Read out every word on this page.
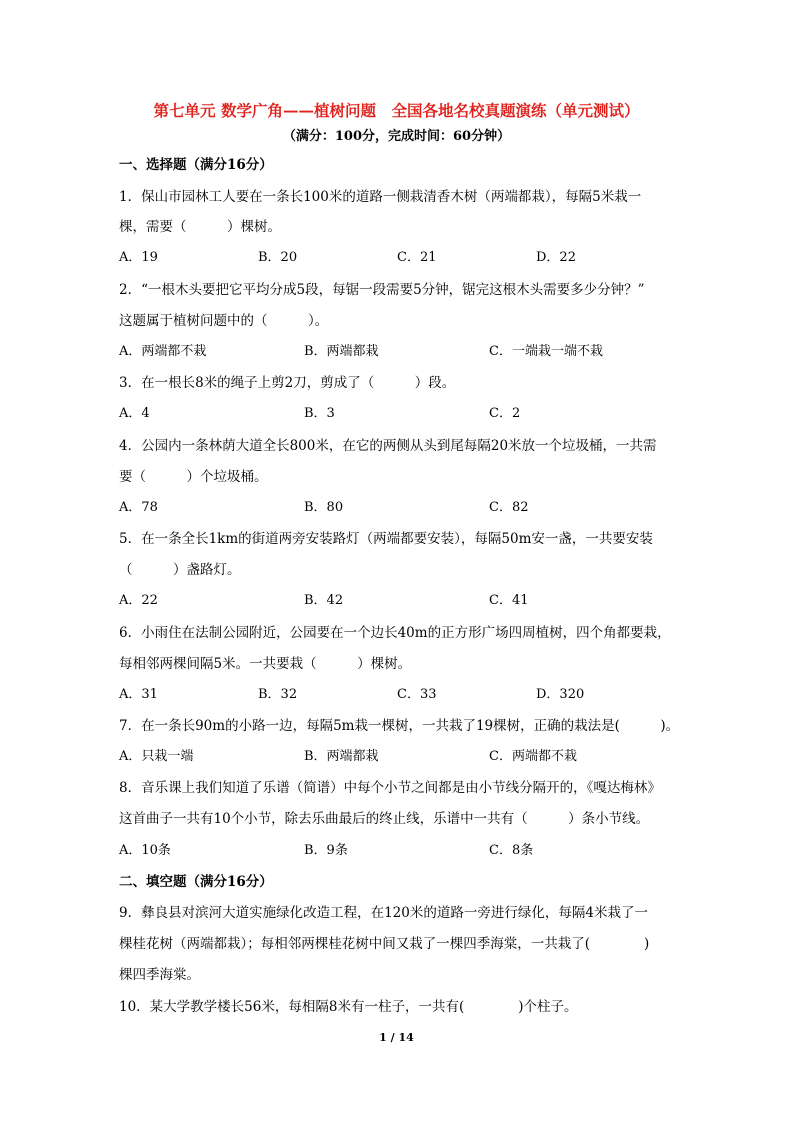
第七单元 数学广角——植树问题　全国各地名校真题演练（单元测试）
（满分：100分，完成时间：60分钟）
一、选择题（满分16分）
1．保山市园林工人要在一条长100米的道路一侧栽清香木树（两端都栽），每隔5米栽一
棵，需要（　　　）棵树。
A．19	B．20	C．21	D．22
2．“一根木头要把它平均分成5段，每锯一段需要5分钟，锯完这根木头需要多少分钟？”
这题属于植树问题中的（　　　）。
A．两端都不栽	B．两端都栽	C．一端栽一端不栽
3．在一根长8米的绳子上剪2刀，剪成了（　　　）段。
A．4	B．3	C．2
4．公园内一条林荫大道全长800米，在它的两侧从头到尾每隔20米放一个垃圾桶，一共需
要（　　　）个垃圾桶。
A．78	B．80	C．82
5．在一条全长1km的街道两旁安装路灯（两端都要安装），每隔50m安一盏，一共要安装
（　　　）盏路灯。
A．22	B．42	C．41
6．小雨住在法制公园附近，公园要在一个边长40m的正方形广场四周植树，四个角都要栽，
每相邻两棵间隔5米。一共要栽（　　　）棵树。
A．31	B．32	C．33	D．320
7．在一条长90m的小路一边，每隔5m栽一棵树，一共栽了19棵树，正确的栽法是(　　　)。
A．只栽一端	B．两端都栽	C．两端都不栽
8．音乐课上我们知道了乐谱（简谱）中每个小节之间都是由小节线分隔开的，《嘎达梅林》
这首曲子一共有10个小节，除去乐曲最后的终止线，乐谱中一共有（　　　）条小节线。
A．10条	B．9条	C．8条
二、填空题（满分16分）
9．彝良县对滨河大道实施绿化改造工程，在120米的道路一旁进行绿化，每隔4米栽了一
棵桂花树（两端都栽）；每相邻两棵桂花树中间又栽了一棵四季海棠，一共栽了(　　　　)
棵四季海棠。
10．某大学教学楼长56米，每相隔8米有一柱子，一共有(　　　　)个柱子。
1 / 14
